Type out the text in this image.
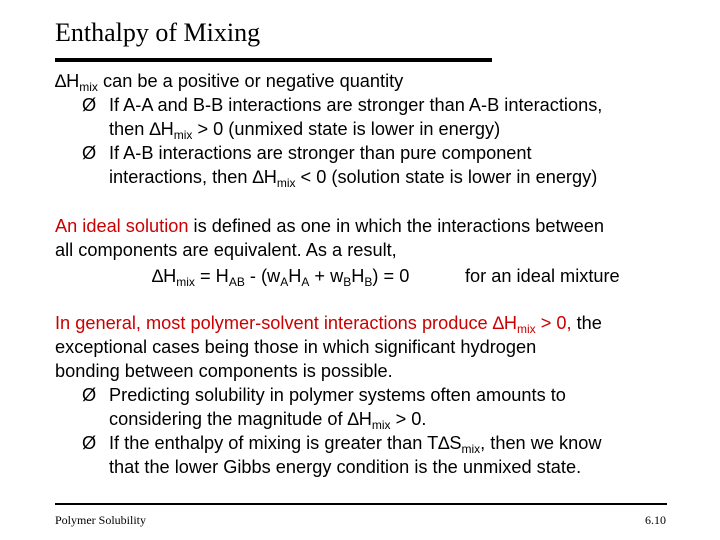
Enthalpy of Mixing
$\Delta H_{mix}$ can be a positive or negative quantity
Ø If A-A and B-B interactions are stronger than A-B interactions,
then $\Delta H_{mix} > 0$ (unmixed state is lower in energy)
Ø If A-B interactions are stronger than pure component
interactions, then $\Delta H_{mix} < 0$ (solution state is lower in energy)
An ideal solution is defined as one in which the interactions between
all components are equivalent. As a result,
$\Delta H_{mix} = H_{AB} - (w_AH_A + w_BH_B) = 0$	for an ideal mixture
In general, most polymer-solvent interactions produce $\Delta H_{mix} > 0$, the
exceptional cases being those in which significant hydrogen
bonding between components is possible.
Ø Predicting solubility in polymer systems often amounts to
considering the magnitude of $\Delta H_{mix} > 0$.
Ø If the enthalpy of mixing is greater than $T\Delta S_{mix}$, then we know
that the lower Gibbs energy condition is the unmixed state.
Polymer Solubility	6.10
